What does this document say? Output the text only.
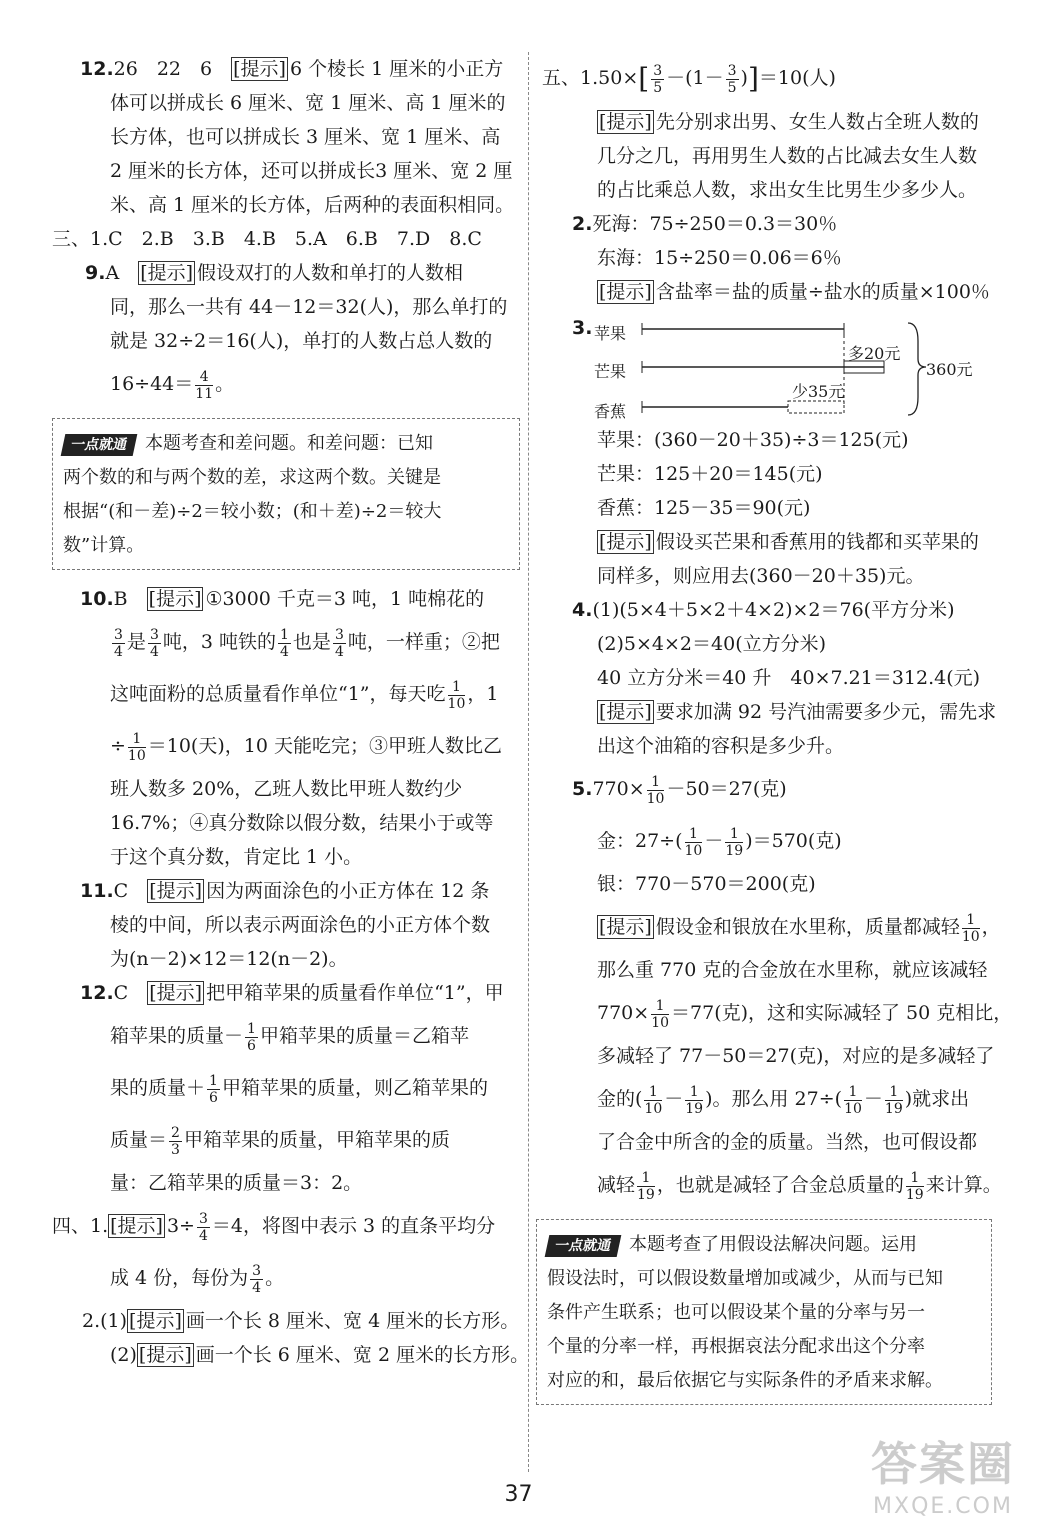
12.26　22　6　 [提示] 6 个棱长 1 厘米的小正方
体可以拼成长 6 厘米、宽 1 厘米、高 1 厘米的
长方体，也可以拼成长 3 厘米、宽 1 厘米、高
2 厘米的长方体，还可以拼成长3 厘米、宽 2 厘
米、高 1 厘米的长方体，后两种的表面积相同。
三、1.C　2.B　3.B　4.B　5.A　6.B　7.D　8.C
9.A　 [提示] 假设双打的人数和单打的人数相
同，那么一共有 44－12＝32(人)，那么单打的
就是 32÷2＝16(人)，单打的人数占总人数的
$16\div 44= \frac{4}{11}$ 。
一点就通 本题考查和差问题。和差问题：已知
两个数的和与两个数的差，求这两个数。关键是
根据“(和－差)÷2＝较小数；(和＋差)÷2＝较大
数”计算。
10.B　 [提示] ①3000 千克＝3 吨，1 吨棉花的
$\frac{3}{4}$ 是 $\frac{3}{4}$ 吨，3 吨铁的 $\frac{1}{4}$ 也是 $\frac{3}{4}$ 吨，一样重；②把
这吨面粉的总质量看作单位“1”，每天吃 $\frac{1}{10}$ ，1
÷ $\frac{1}{10} =10$(天)，10 天能吃完；③甲班人数比乙
班人数多 20%，乙班人数比甲班人数约少
16.7%；④真分数除以假分数，结果小于或等
于这个真分数，肯定比 1 小。
11.C　 [提示] 因为两面涂色的小正方体在 12 条
棱的中间，所以表示两面涂色的小正方体个数
为(n－2)×12＝12(n－2)。
12.C　 [提示] 把甲箱苹果的质量看作单位“1”，甲
箱苹果的质量－ $\frac{1}{6}$ 甲箱苹果的质量＝乙箱苹
果的质量＋ $\frac{1}{6}$ 甲箱苹果的质量，则乙箱苹果的
质量＝ $\frac{2}{3}$ 甲箱苹果的质量，甲箱苹果的质
量：乙箱苹果的质量＝3：2。
四、1. [提示] $3\div \frac{3}{4} =4$，将图中表示 3 的直条平均分
成 4 份，每份为 $\frac{3}{4}$ 。
2.(1) [提示] 画一个长 8 厘米、宽 4 厘米的长方形。
(2) [提示] 画一个长 6 厘米、宽 2 厘米的长方形。
五、$1.50\times[ \frac{3}{5} -(1- \frac{3}{5} )]=10$(人)
[提示] 先分别求出男、女生人数占全班人数的
几分之几，再用男生人数的占比减去女生人数
的占比乘总人数，求出女生比男生少多少人。
2.死海：75÷250＝0.3＝30％
东海：15÷250＝0.06＝6％
[提示] 含盐率＝盐的质量÷盐水的质量×100％
3. 苹果
芒果
香蕉
多20元
少35元
360元
苹果：(360－20＋35)÷3＝125(元)
芒果：125＋20＝145(元)
香蕉：125－35＝90(元)
[提示] 假设买芒果和香蕉用的钱都和买苹果的
同样多，则应用去(360－20＋35)元。
4.(1)(5×4＋5×2＋4×2)×2＝76(平方分米)
(2)5×4×2＝40(立方分米)
40 立方分米＝40 升　40×7.21＝312.4(元)
[提示] 要求加满 92 号汽油需要多少元，需先求
出这个油箱的容积是多少升。
$5.770\times \frac{1}{10} -50=27$(克)
金：$27\div( \frac{1}{10} - \frac{1}{19} )=570$(克)
银：770－570＝200(克)
[提示] 假设金和银放在水里称，质量都减轻 $\frac{1}{10}$ ，
那么重 770 克的合金放在水里称，就应该减轻
$770\times \frac{1}{10} =77$(克)，这和实际减轻了 50 克相比，
多减轻了 77－50＝27(克)，对应的是多减轻了
金的( $\frac{1}{10} - \frac{1}{19}$ )。那么用 $27\div( \frac{1}{10} - \frac{1}{19}$ )就求出
了合金中所含的金的质量。当然，也可假设都
减轻 $\frac{1}{19}$ ，也就是减轻了合金总质量的 $\frac{1}{19}$ 来计算。
一点就通 本题考查了用假设法解决问题。运用
假设法时，可以假设数量增加或减少，从而与已知
条件产生联系；也可以假设某个量的分率与另一
个量的分率一样，再根据哀法分配求出这个分率
对应的和，最后依据它与实际条件的矛盾来求解。
37
答案圈
MXQE.COM
